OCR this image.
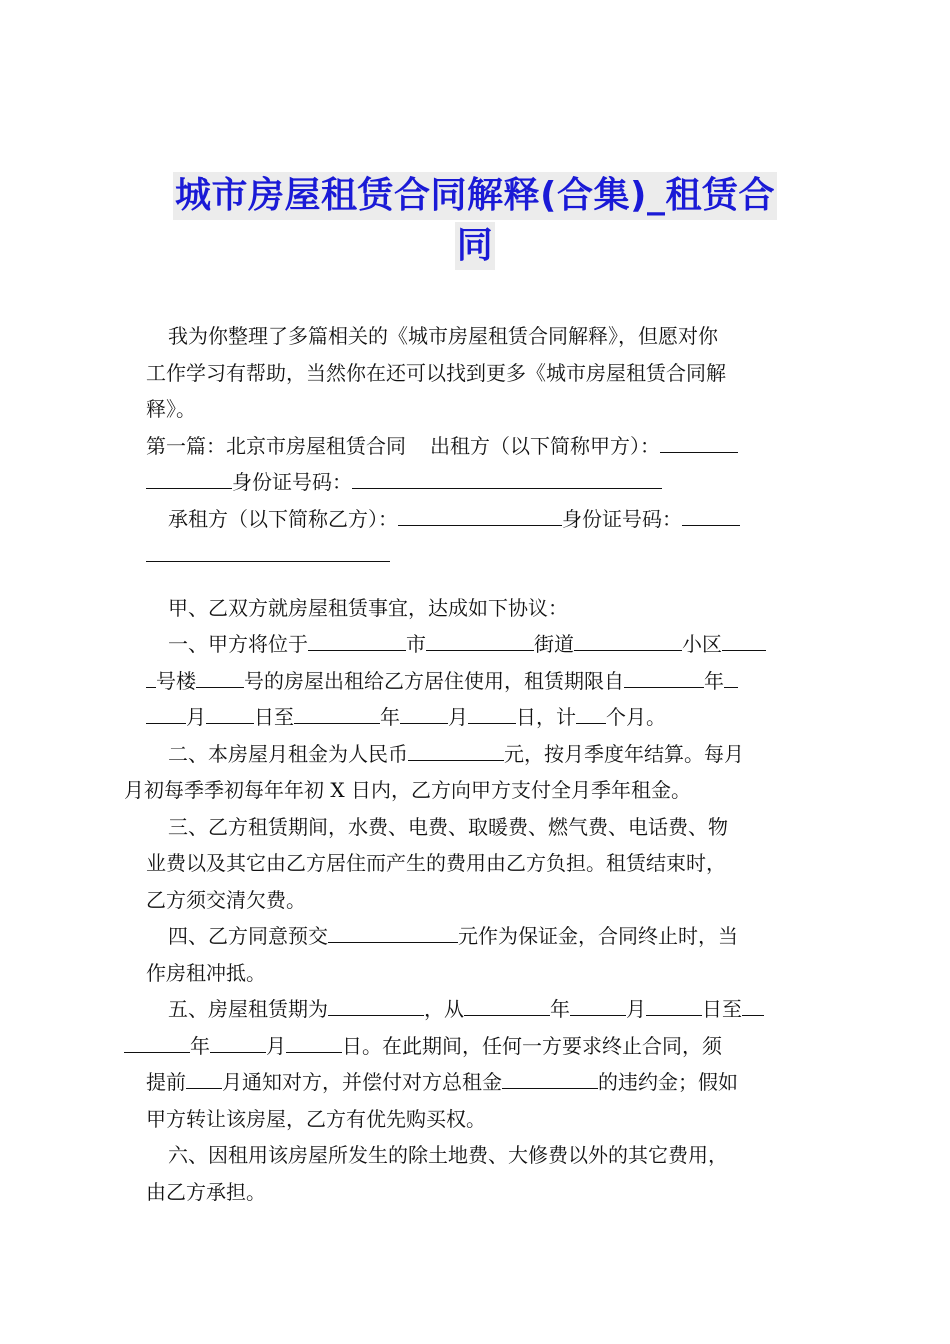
城市房屋租赁合同解释(合集)_租赁合
同

我为你整理了多篇相关的《城市房屋租赁合同解释》，但愿对你
工作学习有帮助，当然你在还可以找到更多《城市房屋租赁合同解
释》。

第一篇：北京市房屋租赁合同 出租方（以下简称甲方）：
身份证号码：

承租方（以下简称乙方）：	身份证号码：

甲、乙双方就房屋租赁事宜，达成如下协议：

一、甲方将位于	市	街道	小区
号楼 号的房屋出租给乙方居住使用，租赁期限自	年
月 日至	年 月 日，计 个月。

二、本房屋月租金为人民币	元，按月季度年结算。每月
月初每季季初每年年初 X 日内，乙方向甲方支付全月季年租金。

三、乙方租赁期间，水费、电费、取暖费、燃气费、电话费、物
业费以及其它由乙方居住而产生的费用由乙方负担。租赁结束时，
乙方须交清欠费。

四、乙方同意预交	元作为保证金，合同终止时，当
作房租冲抵。

五、房屋租赁期为	，从	年	月	日至
年	月	日。在此期间，任何一方要求终止合同，须
提前 月通知对方，并偿付对方总租金	的违约金；假如
甲方转让该房屋，乙方有优先购买权。

六、因租用该房屋所发生的除土地费、大修费以外的其它费用，
由乙方承担。
